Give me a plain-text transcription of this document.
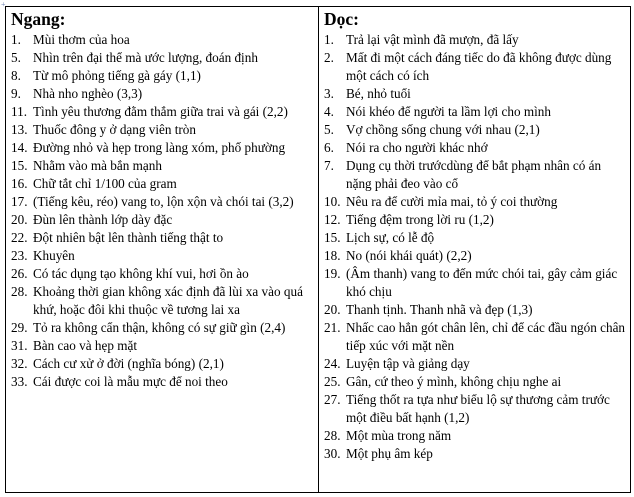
+
Ngang:
1. Mùi thơm của hoa
5. Nhìn trên đại thể mà ước lượng, đoán định
8. Từ mô phỏng tiếng gà gáy (1,1)
9. Nhà nho nghèo (3,3)
11. Tình yêu thương đằm thắm giữa trai và gái (2,2)
13. Thuốc đông y ở dạng viên tròn
14. Đường nhỏ và hẹp trong làng xóm, phố phường
15. Nhằm vào mà bắn mạnh
16. Chữ tắt chỉ 1/100 của gram
17. (Tiếng kêu, réo) vang to, lộn xộn và chói tai (3,2)
20. Đùn lên thành lớp dày đặc
22. Đột nhiên bật lên thành tiếng thật to
23. Khuyên
26. Có tác dụng tạo không khí vui, hơi ồn ào
28. Khoảng thời gian không xác định đã lùi xa vào quá khứ, hoặc đôi khi thuộc về tương lai xa
29. Tỏ ra không cẩn thận, không có sự giữ gìn (2,4)
31. Bàn cao và hẹp mặt
32. Cách cư xử ở đời (nghĩa bóng) (2,1)
33. Cái được coi là mẫu mực để noi theo
Dọc:
1. Trả lại vật mình đã mượn, đã lấy
2. Mất đi một cách đáng tiếc do đã không được dùng một cách có ích
3. Bé, nhỏ tuổi
4. Nói khéo để người ta lầm lợi cho mình
5. Vợ chồng sống chung với nhau (2,1)
6. Nói ra cho người khác nhớ
7. Dụng cụ thời trướcdùng để bắt phạm nhân có án nặng phải đeo vào cổ
10. Nêu ra để cười mỉa mai, tỏ ý coi thường
12. Tiếng đệm trong lời ru (1,2)
15. Lịch sự, có lễ độ
18. No (nói khái quát) (2,2)
19. (Âm thanh) vang to đến mức chói tai, gây cảm giác khó chịu
20. Thanh tịnh. Thanh nhã và đẹp (1,3)
21. Nhấc cao hẳn gót chân lên, chỉ để các đầu ngón chân tiếp xúc với mặt nền
24. Luyện tập và giảng dạy
25. Gân, cứ theo ý mình, không chịu nghe ai
27. Tiếng thốt ra tựa như biểu lộ sự thương cảm trước một điều bất hạnh (1,2)
28. Một mùa trong năm
30. Một phụ âm kép
